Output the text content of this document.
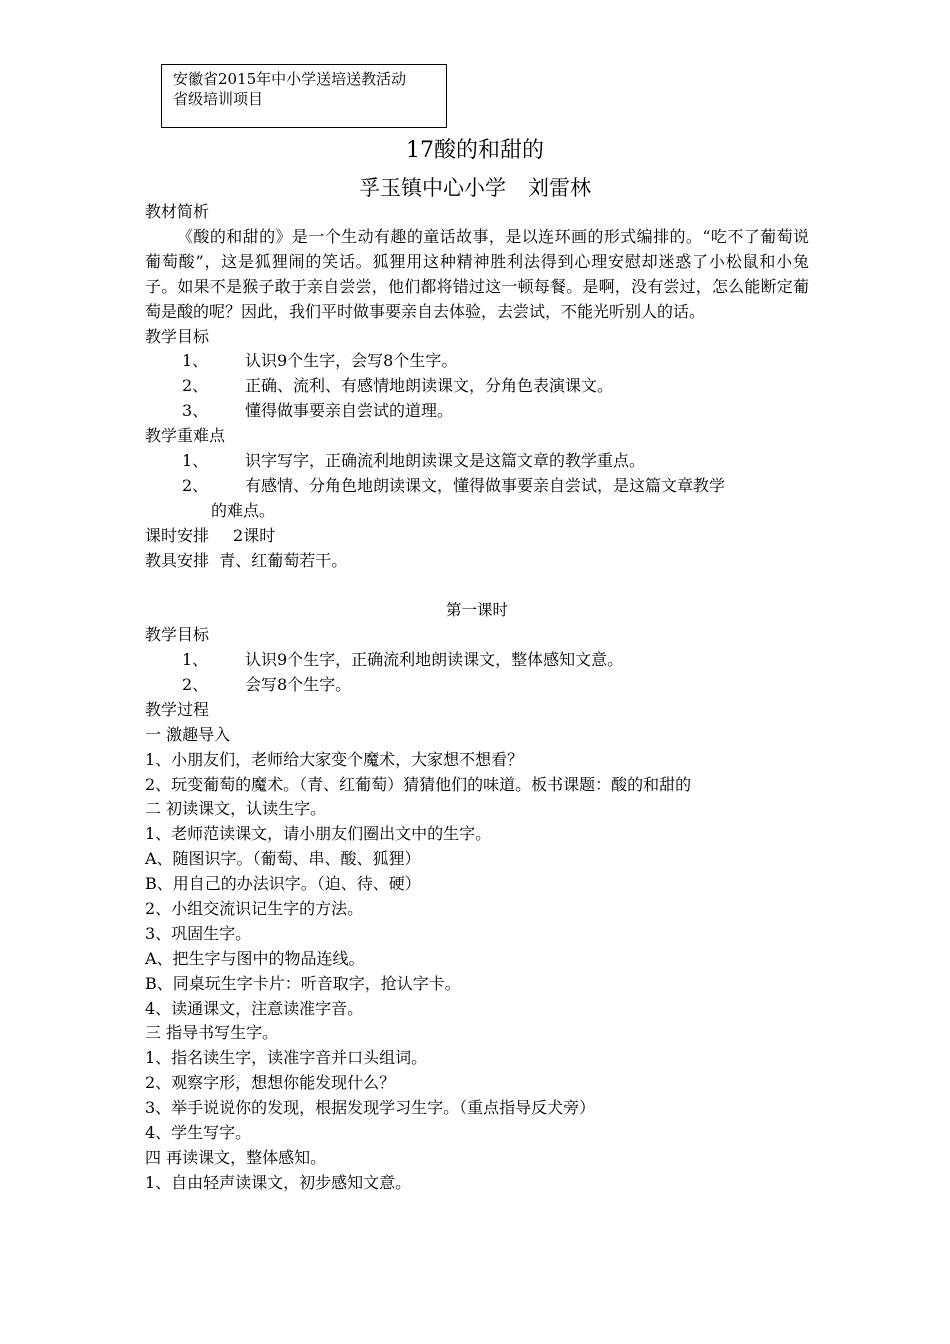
安徽省2015年中小学送培送教活动
省级培训项目
17酸的和甜的
孚玉镇中心小学 刘雷林
教材简析
《酸的和甜的》是一个生动有趣的童话故事，是以连环画的形式编排的。“吃不了葡萄说葡萄酸”，这是狐狸闹的笑话。狐狸用这种精神胜利法得到心理安慰却迷惑了小松鼠和小兔子。如果不是猴子敢于亲自尝尝，他们都将错过这一顿每餐。是啊，没有尝过，怎么能断定葡萄是酸的呢？因此，我们平时做事要亲自去体验，去尝试，不能光听别人的话。
教学目标
1、	认识9个生字，会写8个生字。
2、	正确、流利、有感情地朗读课文，分角色表演课文。
3、	懂得做事要亲自尝试的道理。
教学重难点
1、	识字写字，正确流利地朗读课文是这篇文章的教学重点。
2、	有感情、分角色地朗读课文，懂得做事要亲自尝试，是这篇文章教学
的难点。
课时安排 2课时
教具安排 青、红葡萄若干。
第一课时
教学目标
1、	认识9个生字，正确流利地朗读课文，整体感知文意。
2、	会写8个生字。
教学过程
一 激趣导入
1、小朋友们，老师给大家变个魔术，大家想不想看？
2、玩变葡萄的魔术。（青、红葡萄）猜猜他们的味道。板书课题：酸的和甜的
二 初读课文，认读生字。
1、老师范读课文，请小朋友们圈出文中的生字。
A、随图识字。（葡萄、串、酸、狐狸）
B、用自己的办法识字。（迫、待、硬）
2、小组交流识记生字的方法。
3、巩固生字。
A、把生字与图中的物品连线。
B、同桌玩生字卡片：听音取字，抢认字卡。
4、读通课文，注意读准字音。
三 指导书写生字。
1、指名读生字，读准字音并口头组词。
2、观察字形，想想你能发现什么？
3、举手说说你的发现，根据发现学习生字。（重点指导反犬旁）
4、学生写字。
四 再读课文，整体感知。
1、自由轻声读课文，初步感知文意。
